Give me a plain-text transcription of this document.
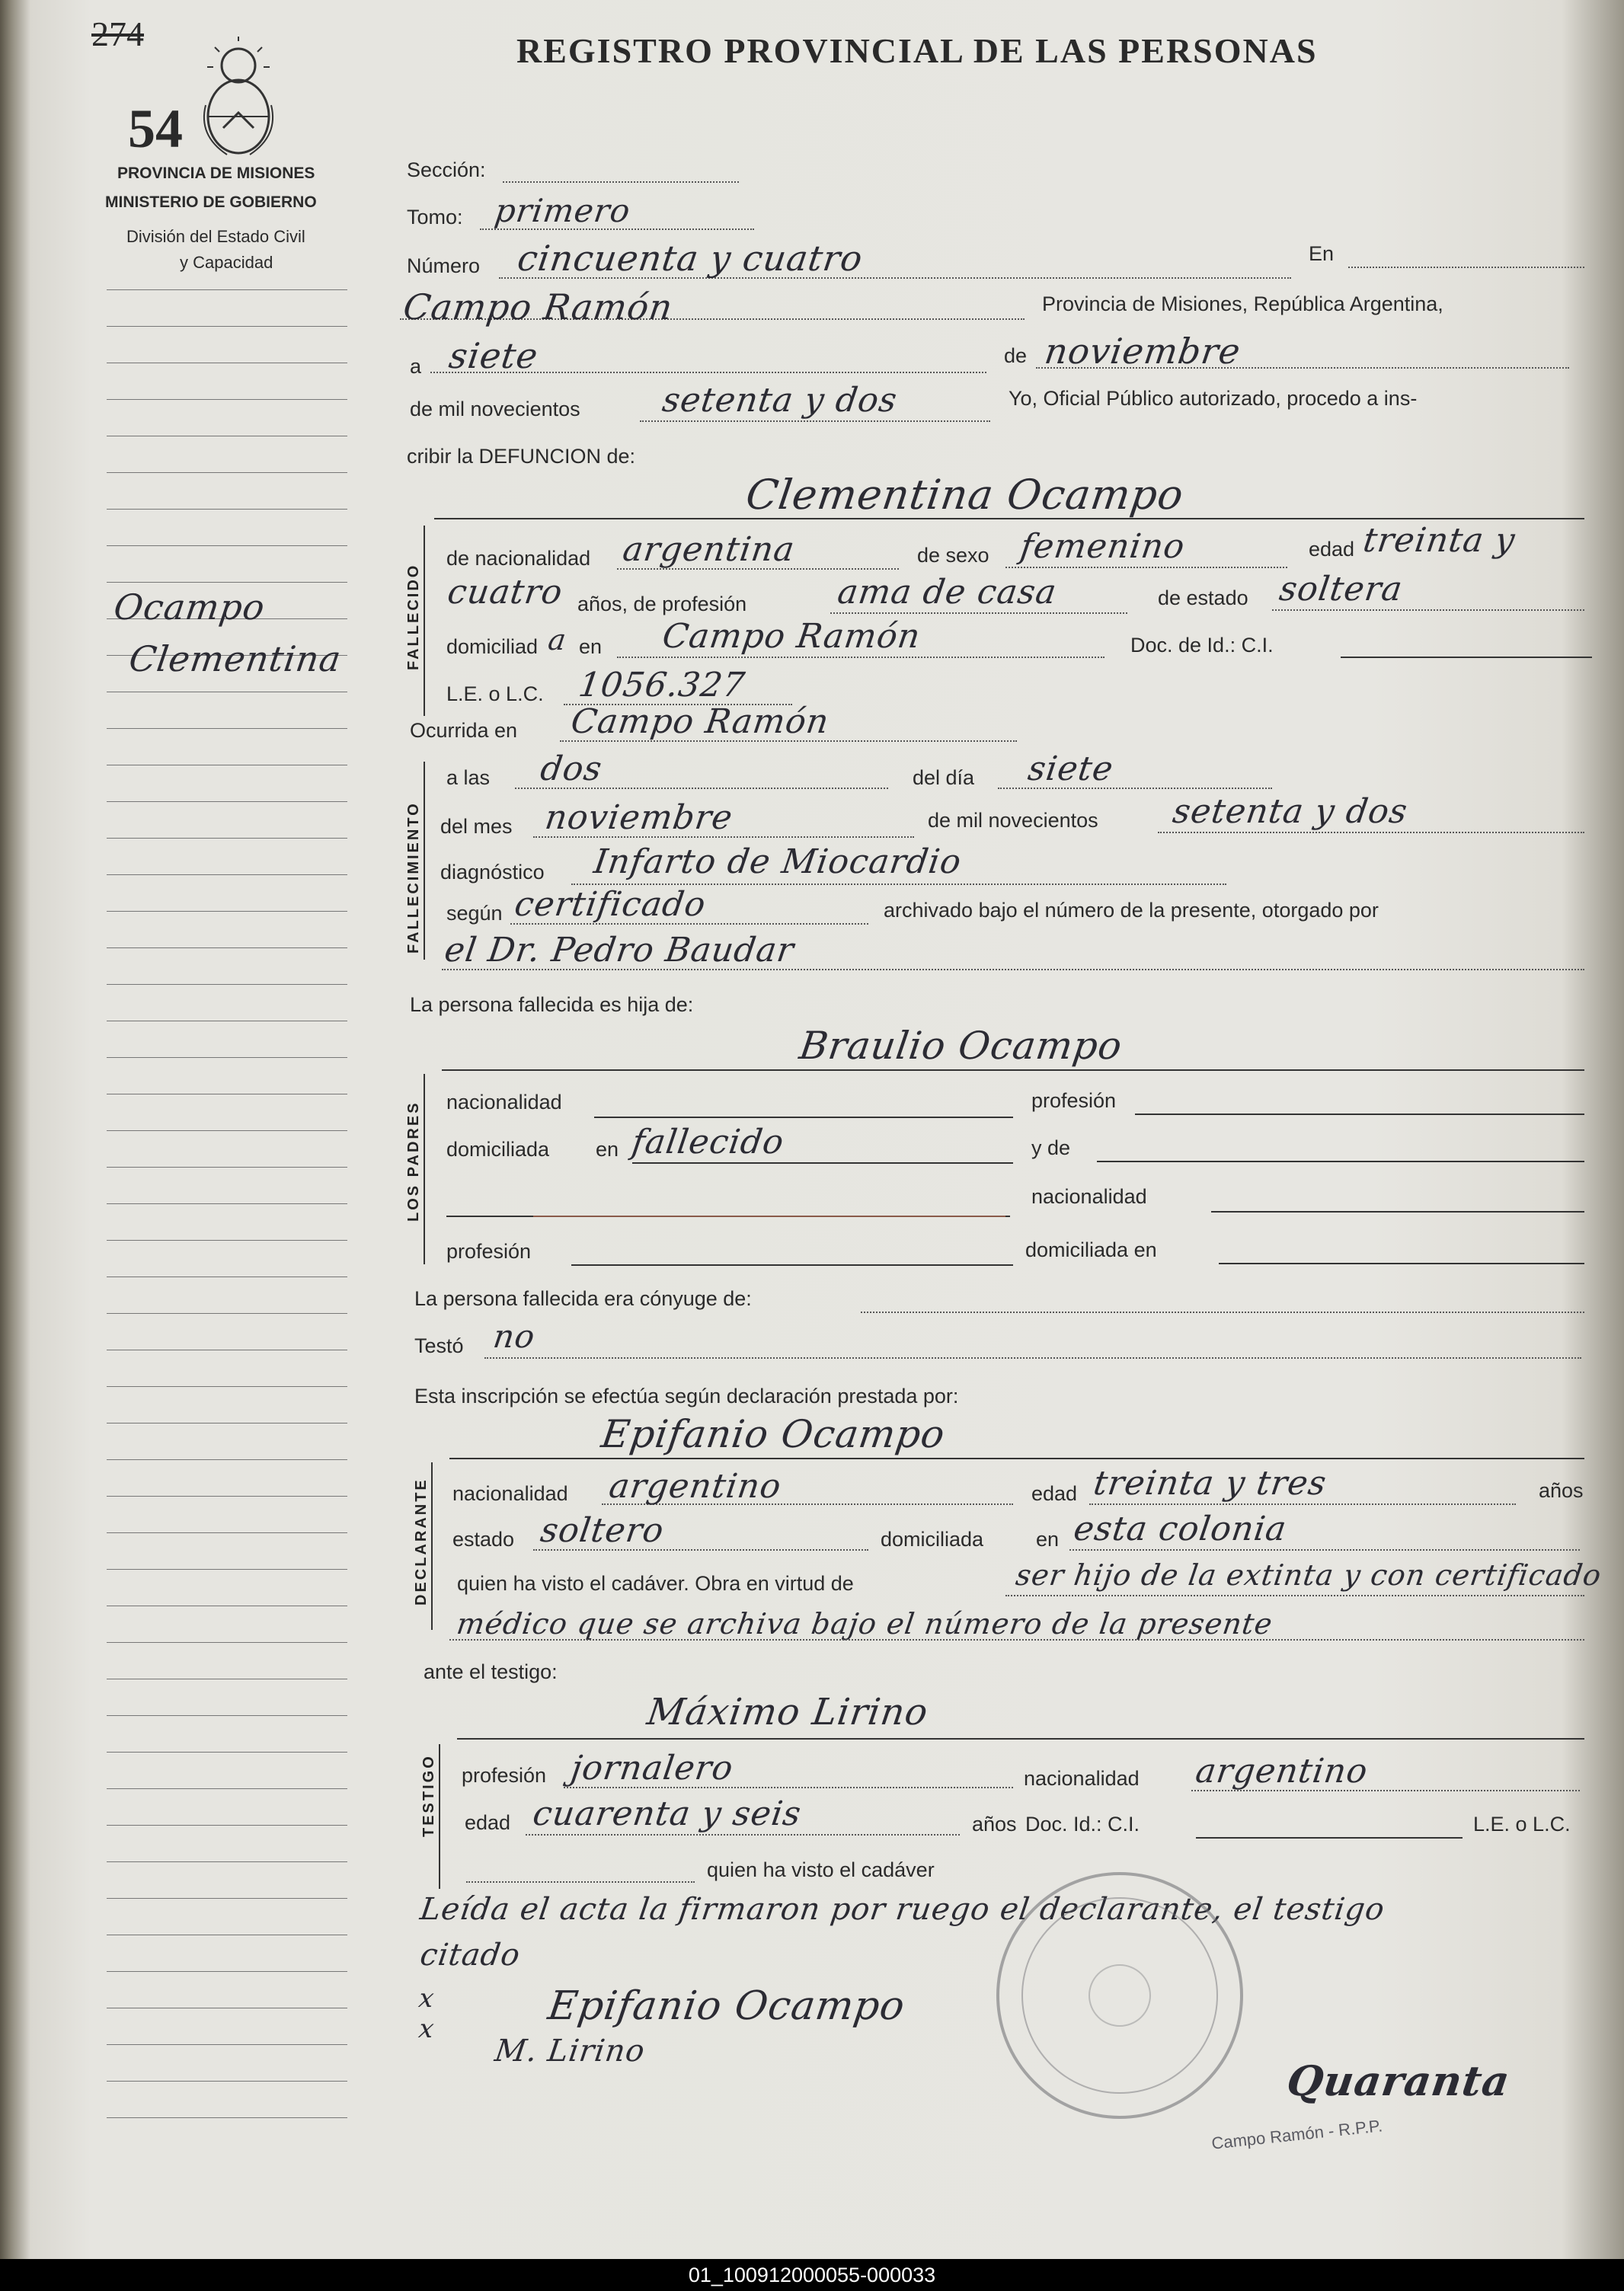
274
54
REGISTRO PROVINCIAL DE LAS PERSONAS
PROVINCIA DE MISIONES
MINISTERIO DE GOBIERNO
División del Estado Civil
y Capacidad
Ocampo
Clementina
Sección:
Tomo: primero
Número cincuenta y cuatro	En
Campo Ramón	Provincia de Misiones, República Argentina,
a siete	de noviembre
de mil novecientos setenta y dos	Yo, Oficial Público autorizado, procedo a ins-
cribir la DEFUNCION de:
Clementina Ocampo
FALLECIDO
de nacionalidad argentina	de sexo femenino	edad treinta y
cuatro años, de profesión	ama de casa	de estado soltera
domiciliad a en Campo Ramón	Doc. de Id.: C.I.
L.E. o L.C. 1056.327
Ocurrida en Campo Ramón
FALLECIMIENTO
a las dos	del día siete
del mes noviembre	de mil novecientos setenta y dos
diagnóstico Infarto de Miocardio
según certificado	archivado bajo el número de la presente, otorgado por
el Dr. Pedro Baudar
La persona fallecida es hija de:
Braulio Ocampo
LOS PADRES nacionalidad	profesión
domiciliada en fallecido	y de
nacionalidad
profesión	domiciliada en
La persona fallecida era cónyuge de:
Testó no
Esta inscripción se efectúa según declaración prestada por:
Epifanio Ocampo
DECLARANTE nacionalidad argentino	edad treinta y tres	años
estado soltero	domiciliada	en esta colonia
quien ha visto el cadáver. Obra en virtud de	ser hijo de la extinta y con certificado
médico que se archiva bajo el número de la presente
ante el testigo:
Máximo Lirino
TESTIGO profesión jornalero	nacionalidad argentino
edad cuarenta y seis	años Doc. Id.: C.I.	L.E. o L.C.
quien ha visto el cadáver
Leída el acta la firmaron por ruego el declarante, el testigo
citado
x
x	Epifanio Ocampo
M. Lirino
Campo Ramón - R.P.P.
Quaranta
01_100912000055-000033
